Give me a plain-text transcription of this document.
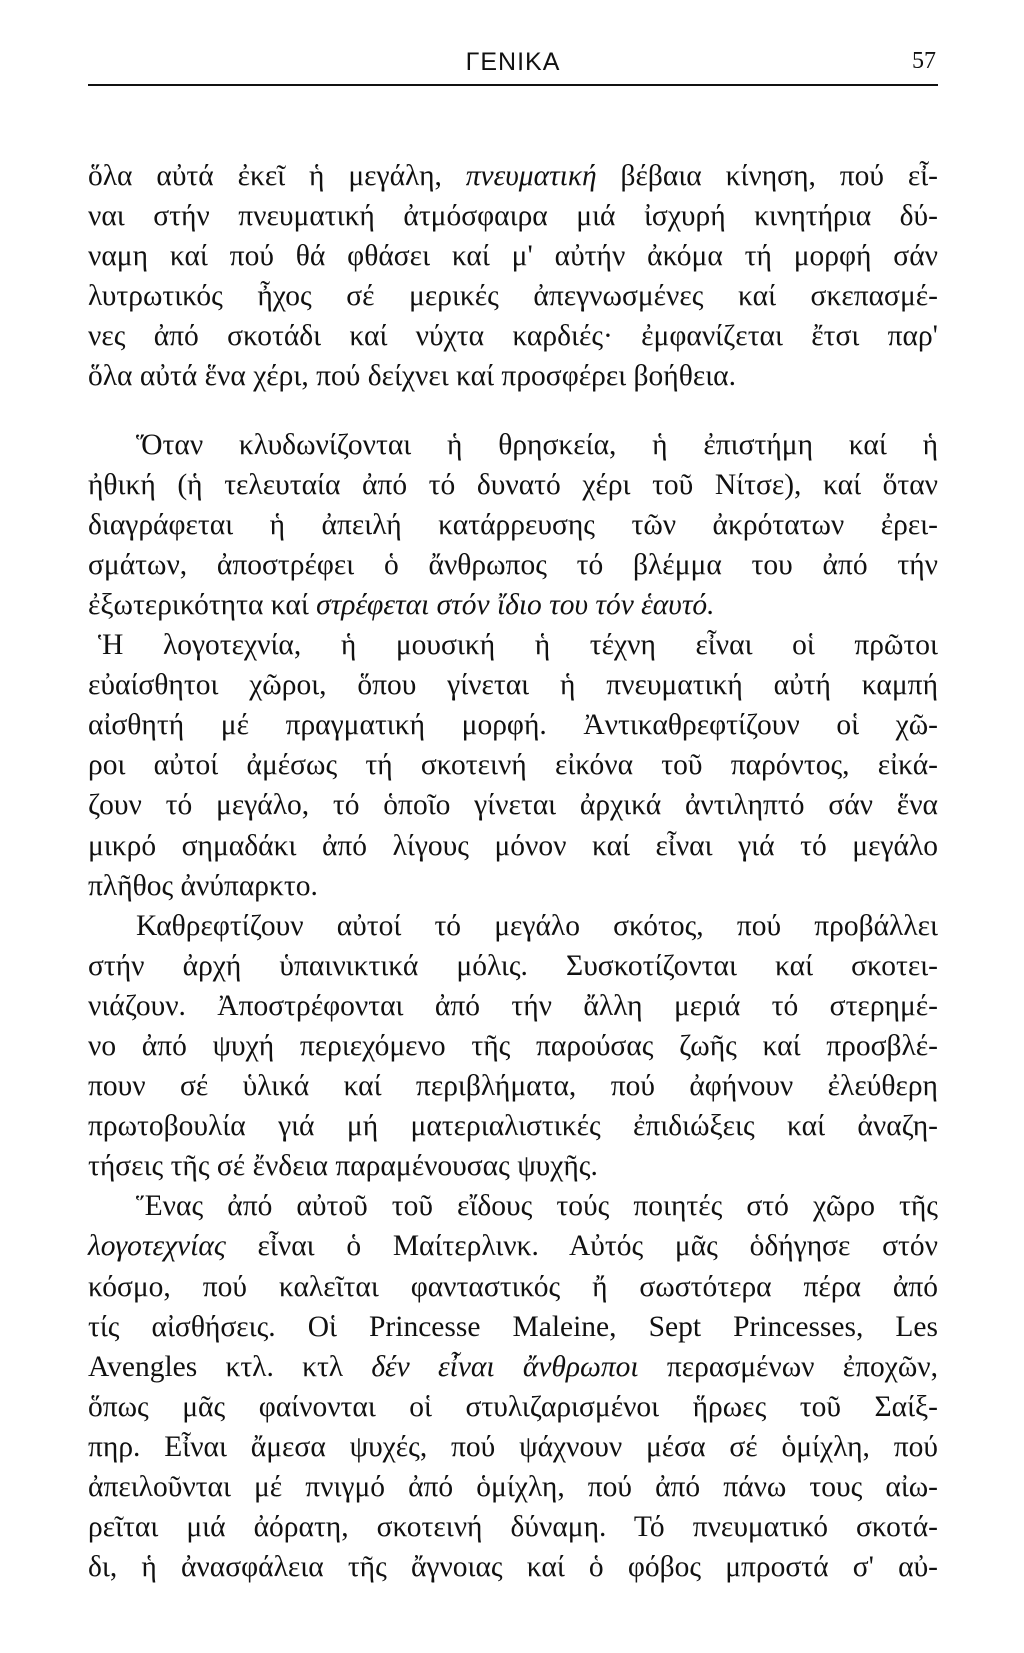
ΓΕΝΙΚΑ	57

ὅλα αὐτά ἐκεῖ ἡ μεγάλη, πνευματική βέβαια κίνηση, πού εἶ-
ναι στήν πνευματική ἀτμόσφαιρα μιά ἰσχυρή κινητήρια δύ-
ναμη καί πού θά φθάσει καί μ' αὐτήν ἀκόμα τή μορφή σάν
λυτρωτικός ἦχος σέ μερικές ἀπεγνωσμένες καί σκεπασμέ-
νες ἀπό σκοτάδι καί νύχτα καρδιές· ἐμφανίζεται ἔτσι παρ'
ὅλα αὐτά ἕνα χέρι, πού δείχνει καί προσφέρει βοήθεια.

Ὅταν κλυδωνίζονται ἡ θρησκεία, ἡ ἐπιστήμη καί ἡ
ἠθική (ἡ τελευταία ἀπό τό δυνατό χέρι τοῦ Νίτσε), καί ὅταν
διαγράφεται ἡ ἀπειλή κατάρρευσης τῶν ἀκρότατων ἐρει-
σμάτων, ἀποστρέφει ὁ ἄνθρωπος τό βλέμμα του ἀπό τήν
ἐξωτερικότητα καί στρέφεται στόν ἴδιο του τόν ἑαυτό.
Ἡ λογοτεχνία, ἡ μουσική ἡ τέχνη εἶναι οἱ πρῶτοι
εὐαίσθητοι χῶροι, ὅπου γίνεται ἡ πνευματική αὐτή καμπή
αἰσθητή μέ πραγματική μορφή. Ἀντικαθρεφτίζουν οἱ χῶ-
ροι αὐτοί ἀμέσως τή σκοτεινή εἰκόνα τοῦ παρόντος, εἰκά-
ζουν τό μεγάλο, τό ὁποῖο γίνεται ἀρχικά ἀντιληπτό σάν ἕνα
μικρό σημαδάκι ἀπό λίγους μόνον καί εἶναι γιά τό μεγάλο
πλῆθος ἀνύπαρκτο.

Καθρεφτίζουν αὐτοί τό μεγάλο σκότος, πού προβάλλει
στήν ἀρχή ὑπαινικτικά μόλις. Συσκοτίζονται καί σκοτει-
νιάζουν. Ἀποστρέφονται ἀπό τήν ἄλλη μεριά τό στερημέ-
νο ἀπό ψυχή περιεχόμενο τῆς παρούσας ζωῆς καί προσβλέ-
πουν σέ ὑλικά καί περιβλήματα, πού ἀφήνουν ἐλεύθερη
πρωτοβουλία γιά μή ματεριαλιστικές ἐπιδιώξεις καί ἀναζη-
τήσεις τῆς σέ ἔνδεια παραμένουσας ψυχῆς.

Ἕνας ἀπό αὐτοῦ τοῦ εἴδους τούς ποιητές στό χῶρο τῆς
λογοτεχνίας εἶναι ὁ Μαίτερλινκ. Αὐτός μᾶς ὁδήγησε στόν
κόσμο, πού καλεῖται φανταστικός ἤ σωστότερα πέρα ἀπό
τίς αἰσθήσεις. Οἱ Princesse Maleine, Sept Princesses, Les
Avengles κτλ. κτλ δέν εἶναι ἄνθρωποι περασμένων ἐποχῶν,
ὅπως μᾶς φαίνονται οἱ στυλιζαρισμένοι ἥρωες τοῦ Σαίξ-
πηρ. Εἶναι ἄμεσα ψυχές, πού ψάχνουν μέσα σέ ὁμίχλη, πού
ἀπειλοῦνται μέ πνιγμό ἀπό ὁμίχλη, πού ἀπό πάνω τους αἰω-
ρεῖται μιά ἀόρατη, σκοτεινή δύναμη. Τό πνευματικό σκοτά-
δι, ἡ ἀνασφάλεια τῆς ἄγνοιας καί ὁ φόβος μπροστά σ' αὐ-
